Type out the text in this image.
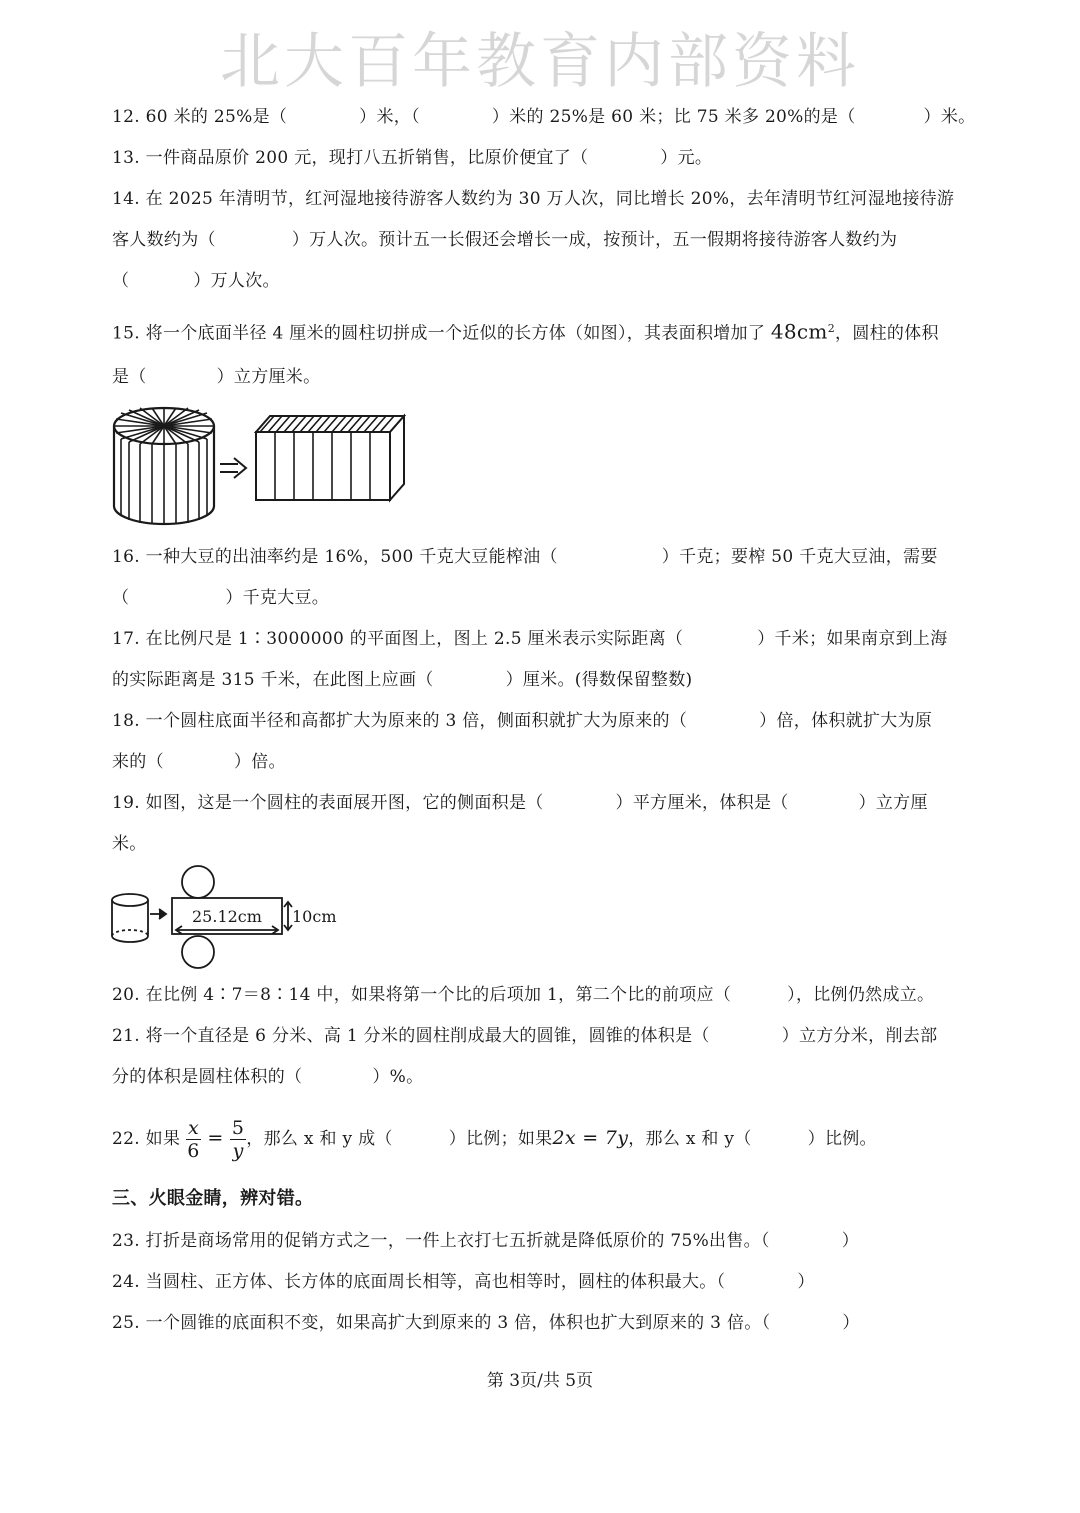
北大百年教育内部资料
12. 60 米的 25%是（	）米，（	）米的 25%是 60 米；比 75 米多 20%的是（	）米。
13. 一件商品原价 200 元，现打八五折销售，比原价便宜了（	）元。
14. 在 2025 年清明节，红河湿地接待游客人数约为 30 万人次，同比增长 20%，去年清明节红河湿地接待游
客人数约为（	）万人次。预计五一长假还会增长一成，按预计，五一假期将接待游客人数约为
（	）万人次。
15. 将一个底面半径 4 厘米的圆柱切拼成一个近似的长方体（如图），其表面积增加了 $48cm^2$，圆柱的体积
是（	）立方厘米。
16. 一种大豆的出油率约是 16%，500 千克大豆能榨油（	）千克；要榨 50 千克大豆油，需要
（	）千克大豆。
17. 在比例尺是 1∶3000000 的平面图上，图上 2.5 厘米表示实际距离（	）千米；如果南京到上海
的实际距离是 315 千米，在此图上应画（	）厘米。(得数保留整数)
18. 一个圆柱底面半径和高都扩大为原来的 3 倍，侧面积就扩大为原来的（	）倍，体积就扩大为原
来的（	）倍。
19. 如图，这是一个圆柱的表面展开图，它的侧面积是（	）平方厘米，体积是（	）立方厘
米。
25.12cm 10cm
20. 在比例 4∶7＝8∶14 中，如果将第一个比的后项加 1，第二个比的前项应（	），比例仍然成立。
21. 将一个直径是 6 分米、高 1 分米的圆柱削成最大的圆锥，圆锥的体积是（	）立方分米，削去部
分的体积是圆柱体积的（	）%。
22. 如果 $\frac{x}{6} = \frac{5}{y}$ ，那么 x 和 y 成（	）比例；如果2x = 7y，那么 x 和 y（	）比例。
三、火眼金睛，辨对错。
23. 打折是商场常用的促销方式之一，一件上衣打七五折就是降低原价的 75%出售。（	）
24. 当圆柱、正方体、长方体的底面周长相等，高也相等时，圆柱的体积最大。（	）
25. 一个圆锥的底面积不变，如果高扩大到原来的 3 倍，体积也扩大到原来的 3 倍。（	）
第 3页/共 5页
